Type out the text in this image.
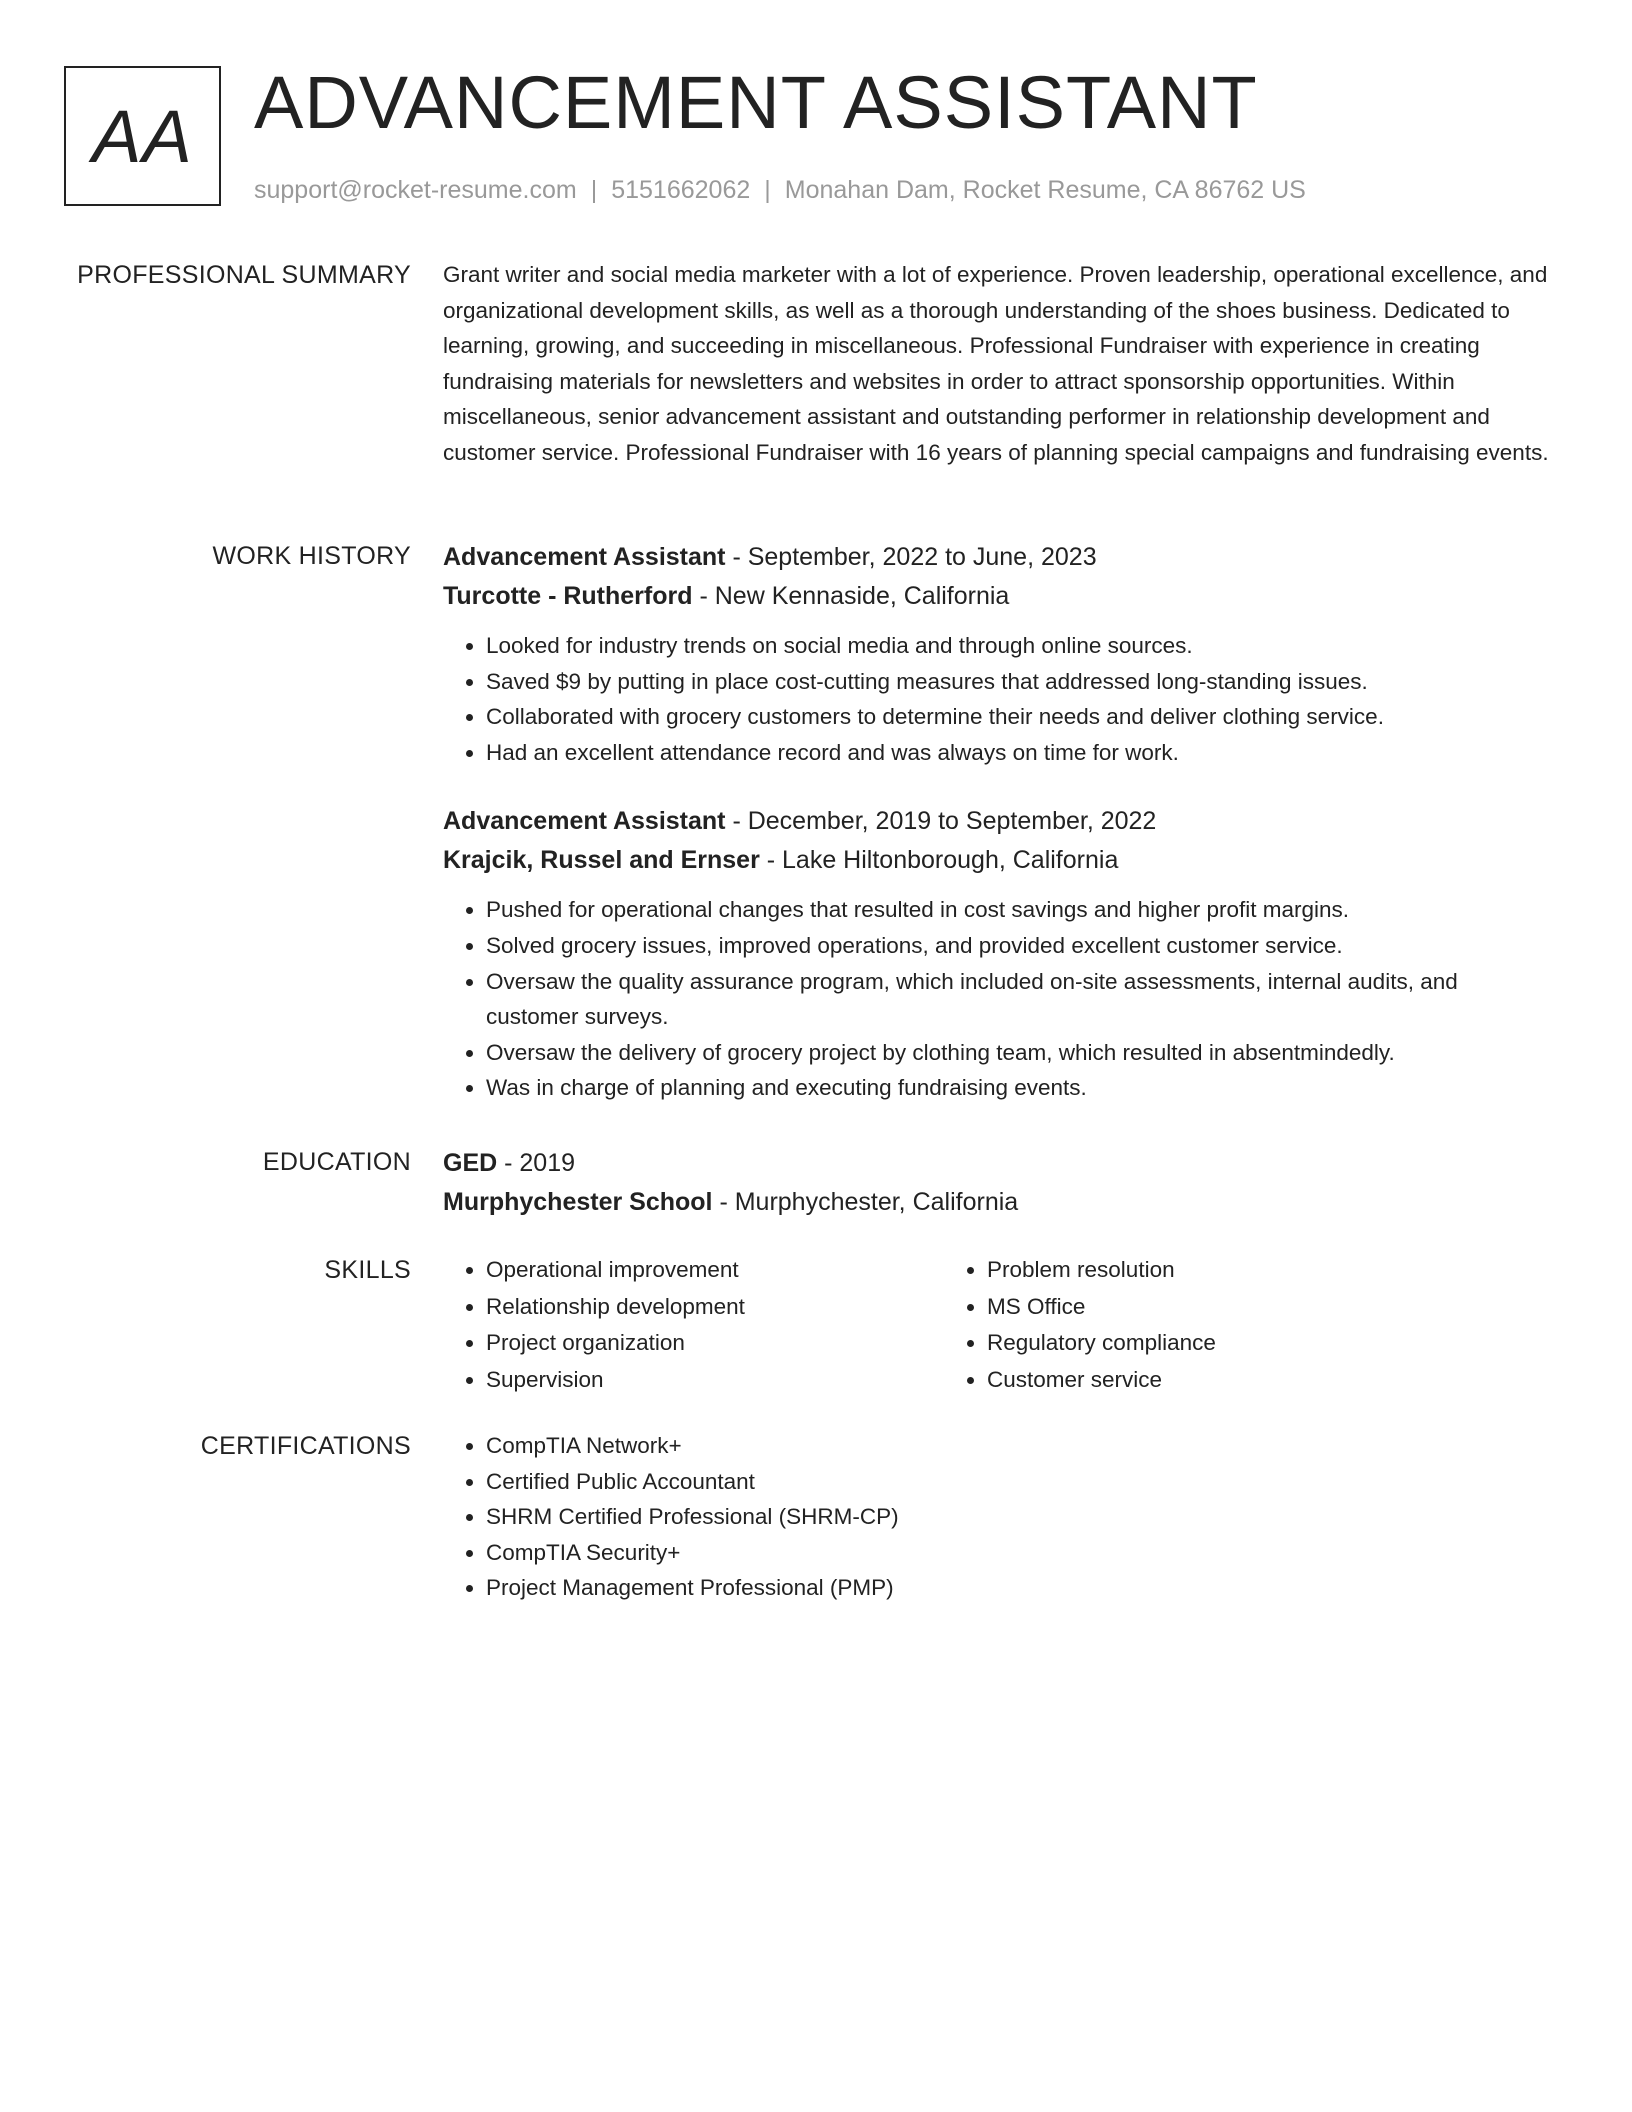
AA ADVANCEMENT ASSISTANT
support@rocket-resume.com | 5151662062 | Monahan Dam, Rocket Resume, CA 86762 US
PROFESSIONAL SUMMARY Grant writer and social media marketer with a lot of experience. Proven leadership, operational excellence, and organizational development skills, as well as a thorough understanding of the shoes business. Dedicated to learning, growing, and succeeding in miscellaneous. Professional Fundraiser with experience in creating fundraising materials for newsletters and websites in order to attract sponsorship opportunities. Within miscellaneous, senior advancement assistant and outstanding performer in relationship development and customer service. Professional Fundraiser with 16 years of planning special campaigns and fundraising events.

WORK HISTORY Advancement Assistant - September, 2022 to June, 2023

Turcotte - Rutherford - New Kennaside, California

• Looked for industry trends on social media and through online sources.
• Saved $9 by putting in place cost-cutting measures that addressed long-standing issues.
• Collaborated with grocery customers to determine their needs and deliver clothing service.
• Had an excellent attendance record and was always on time for work.

Advancement Assistant - December, 2019 to September, 2022

Krajcik, Russel and Ernser - Lake Hiltonborough, California

• Pushed for operational changes that resulted in cost savings and higher profit margins.
• Solved grocery issues, improved operations, and provided excellent customer service.
• Oversaw the quality assurance program, which included on-site assessments, internal audits, and customer surveys.
• Oversaw the delivery of grocery project by clothing team, which resulted in absentmindedly.
• Was in charge of planning and executing fundraising events.
EDUCATION GED - 2019

Murphychester School - Murphychester, California

SKILLS	• Operational improvement
• Relationship development
• Project organization
• Supervision
• Problem resolution
• MS Office
• Regulatory compliance
• Customer service
CERTIFICATIONS	• CompTIA Network+
• Certified Public Accountant
• SHRM Certified Professional (SHRM-CP)
• CompTIA Security+
• Project Management Professional (PMP)
